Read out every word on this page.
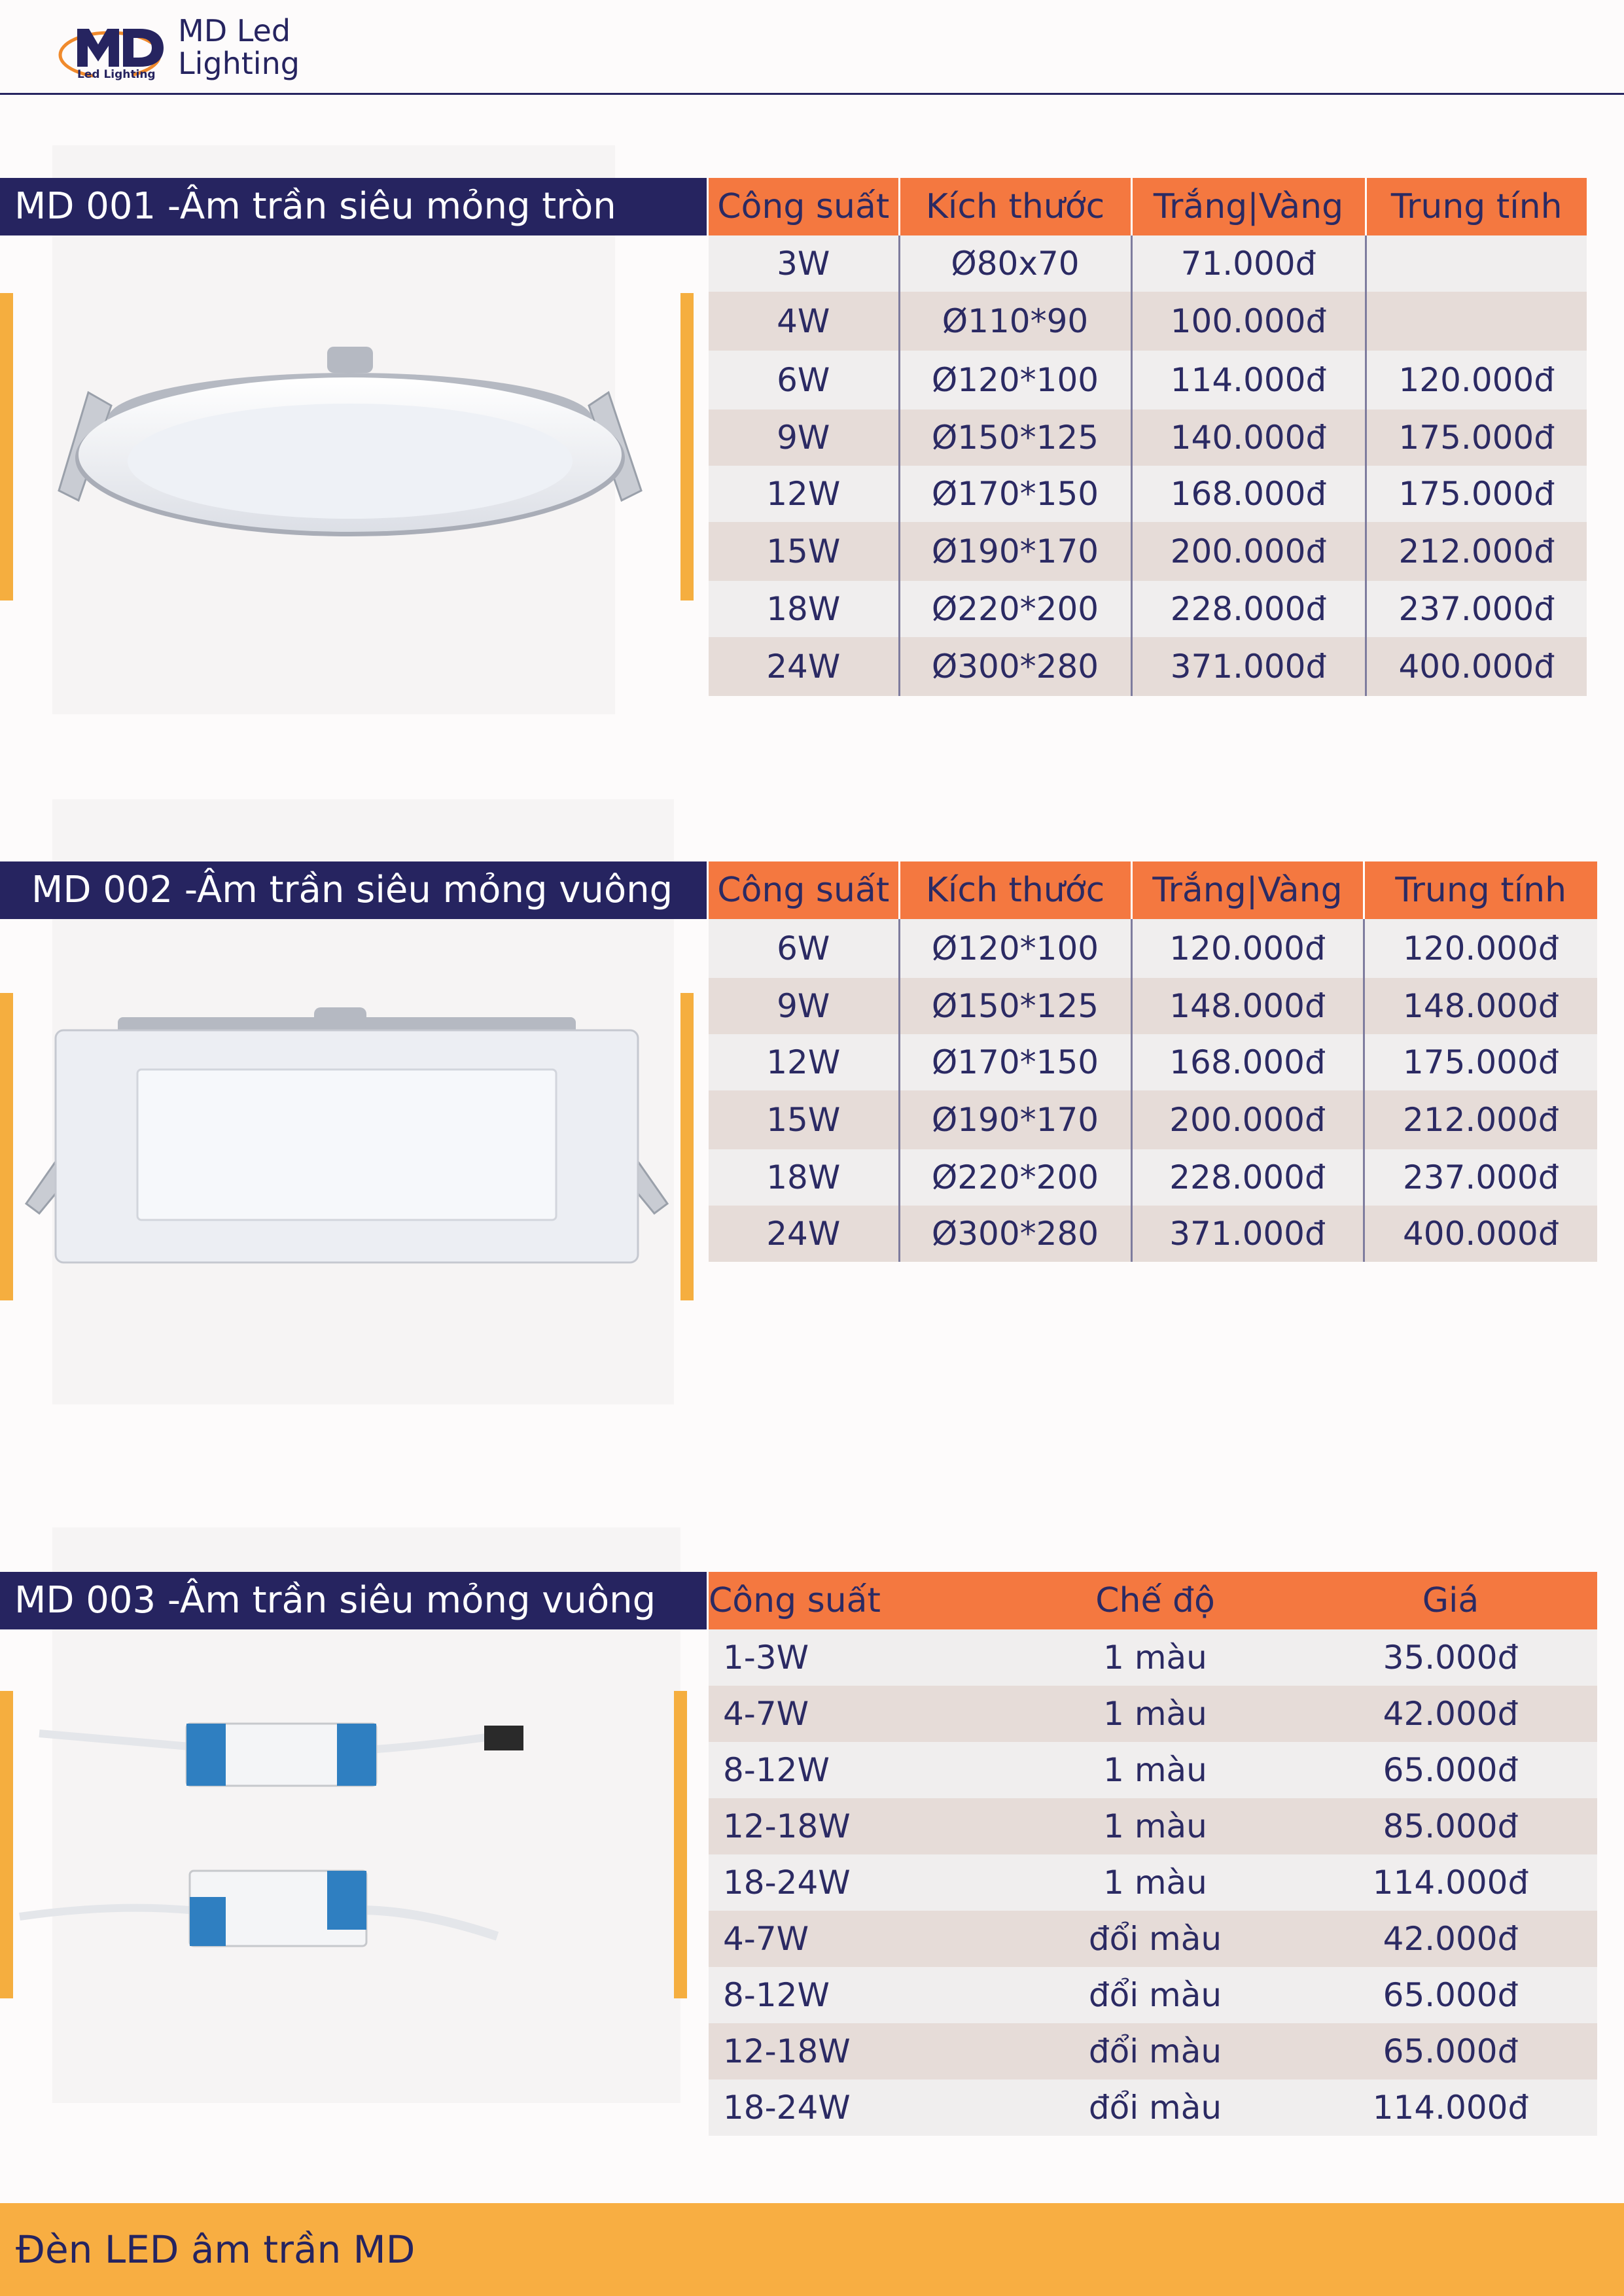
Led Lighting
MD Led
Lighting
MD 001 -Âm trần siêu mỏng tròn	Công suất	Kích thước	Trắng|Vàng	Trung tính
3W	Ø80x70	71.000đ	
4W	Ø110*90	100.000đ	
6W	Ø120*100	114.000đ	120.000đ
9W	Ø150*125	140.000đ	175.000đ
12W	Ø170*150	168.000đ	175.000đ
15W	Ø190*170	200.000đ	212.000đ
18W	Ø220*200	228.000đ	237.000đ
24W	Ø300*280	371.000đ	400.000đ
MD 002 -Âm trần siêu mỏng vuông	Công suất	Kích thước	Trắng|Vàng	Trung tính
6W	Ø120*100	120.000đ	120.000đ
9W	Ø150*125	148.000đ	148.000đ
12W	Ø170*150	168.000đ	175.000đ
15W	Ø190*170	200.000đ	212.000đ
18W	Ø220*200	228.000đ	237.000đ
24W	Ø300*280	371.000đ	400.000đ
MD 003 -Âm trần siêu mỏng vuông	Công suất	Chế độ	Giá
1-3W	1 màu	35.000đ
4-7W	1 màu	42.000đ
8-12W	1 màu	65.000đ
12-18W	1 màu	85.000đ
18-24W	1 màu	114.000đ
4-7W	đổi màu	42.000đ
8-12W	đổi màu	65.000đ
12-18W	đổi màu	65.000đ
18-24W	đổi màu	114.000đ
Đèn LED âm trần MD
